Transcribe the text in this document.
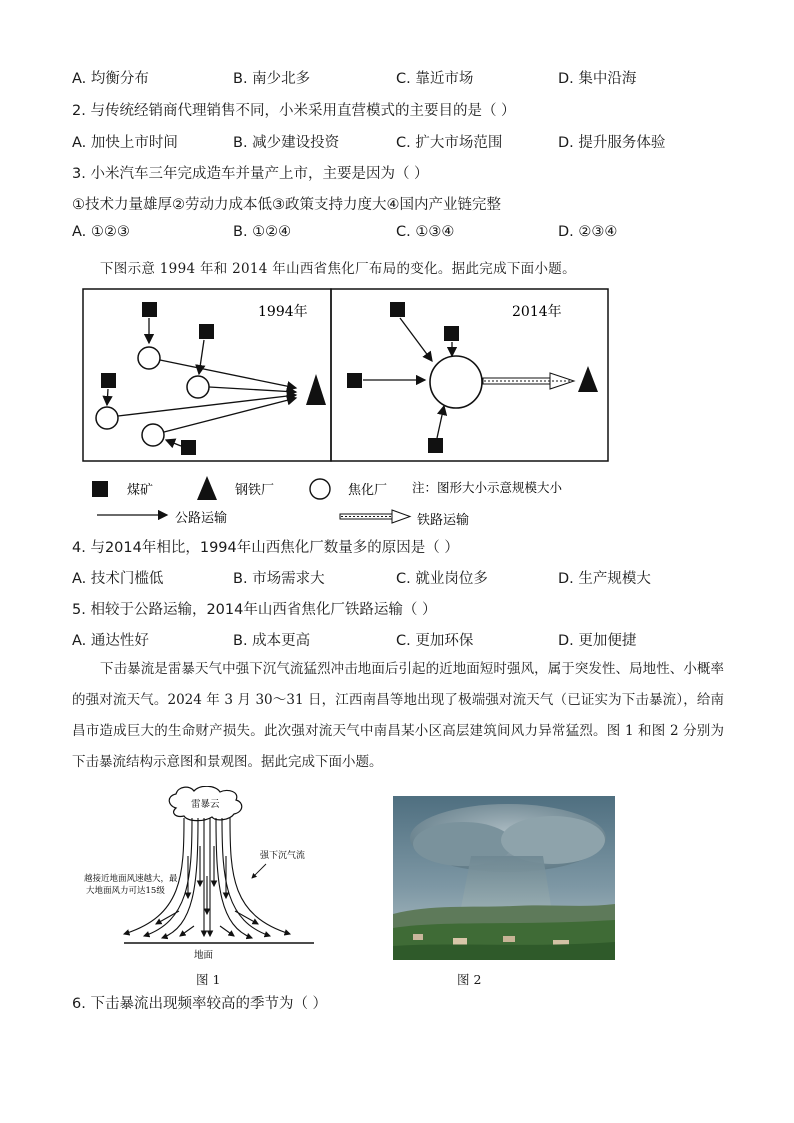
A. 均衡分布	B. 南少北多	C. 靠近市场	D. 集中沿海
2. 与传统经销商代理销售不同，小米采用直营模式的主要目的是（ ）
A. 加快上市时间	B. 减少建设投资	C. 扩大市场范围	D. 提升服务体验
3. 小米汽车三年完成造车并量产上市，主要是因为（ ）
①技术力量雄厚②劳动力成本低③政策支持力度大④国内产业链完整
A. ①②③	B. ①②④	C. ①③④	D. ②③④
下图示意 1994 年和 2014 年山西省焦化厂布局的变化。据此完成下面小题。
1994年	2014年
煤矿	钢铁厂	焦化厂 注：图形大小示意规模大小
公路运输	铁路运输
4. 与2014年相比，1994年山西焦化厂数量多的原因是（ ）
A. 技术门槛低	B. 市场需求大	C. 就业岗位多	D. 生产规模大
5. 相较于公路运输，2014年山西省焦化厂铁路运输（ ）
A. 通达性好	B. 成本更高	C. 更加环保	D. 更加便捷
下击暴流是雷暴天气中强下沉气流猛烈冲击地面后引起的近地面短时强风，属于突发性、局地性、小概率的强对流天气。2024 年 3 月 30～31 日，江西南昌等地出现了极端强对流天气（已证实为下击暴流），给南昌市造成巨大的生命财产损失。此次强对流天气中南昌某小区高层建筑间风力异常猛烈。图 1 和图 2 分别为下击暴流结构示意图和景观图。据此完成下面小题。
雷暴云
地面
强下沉气流
越接近地面风速越大，最
大地面风力可达15级
图 1	图 2
6. 下击暴流出现频率较高的季节为（ ）
